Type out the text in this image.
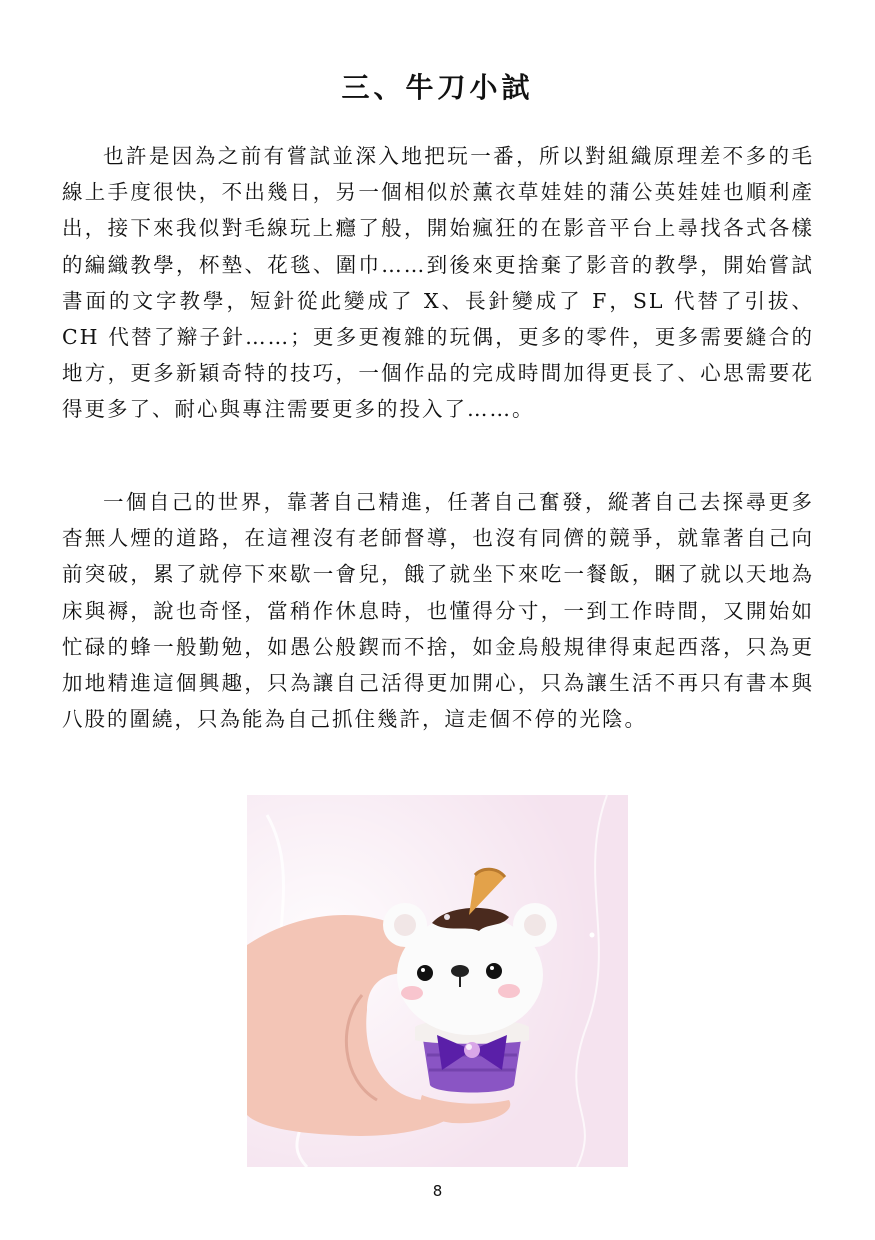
三、牛刀小試

也許是因為之前有嘗試並深入地把玩一番，所以對組織原理差不多的毛線上手度很快，不出幾日，另一個相似於薰衣草娃娃的蒲公英娃娃也順利產出，接下來我似對毛線玩上癮了般，開始瘋狂的在影音平台上尋找各式各樣的編織教學，杯墊、花毯、圍巾……到後來更捨棄了影音的教學，開始嘗試書面的文字教學，短針從此變成了 X、長針變成了 F，SL 代替了引拔、CH 代替了辮子針……；更多更複雜的玩偶，更多的零件，更多需要縫合的地方，更多新穎奇特的技巧，一個作品的完成時間加得更長了、心思需要花得更多了、耐心與專注需要更多的投入了……。

一個自己的世界，靠著自己精進，任著自己奮發，縱著自己去探尋更多杳無人煙的道路，在這裡沒有老師督導，也沒有同儕的競爭，就靠著自己向前突破，累了就停下來歇一會兒，餓了就坐下來吃一餐飯，睏了就以天地為床與褥，說也奇怪，當稍作休息時，也懂得分寸，一到工作時間，又開始如忙碌的蜂一般勤勉，如愚公般鍥而不捨，如金烏般規律得東起西落，只為更加地精進這個興趣，只為讓自己活得更加開心，只為讓生活不再只有書本與八股的圍繞，只為能為自己抓住幾許，這走個不停的光陰。

8
